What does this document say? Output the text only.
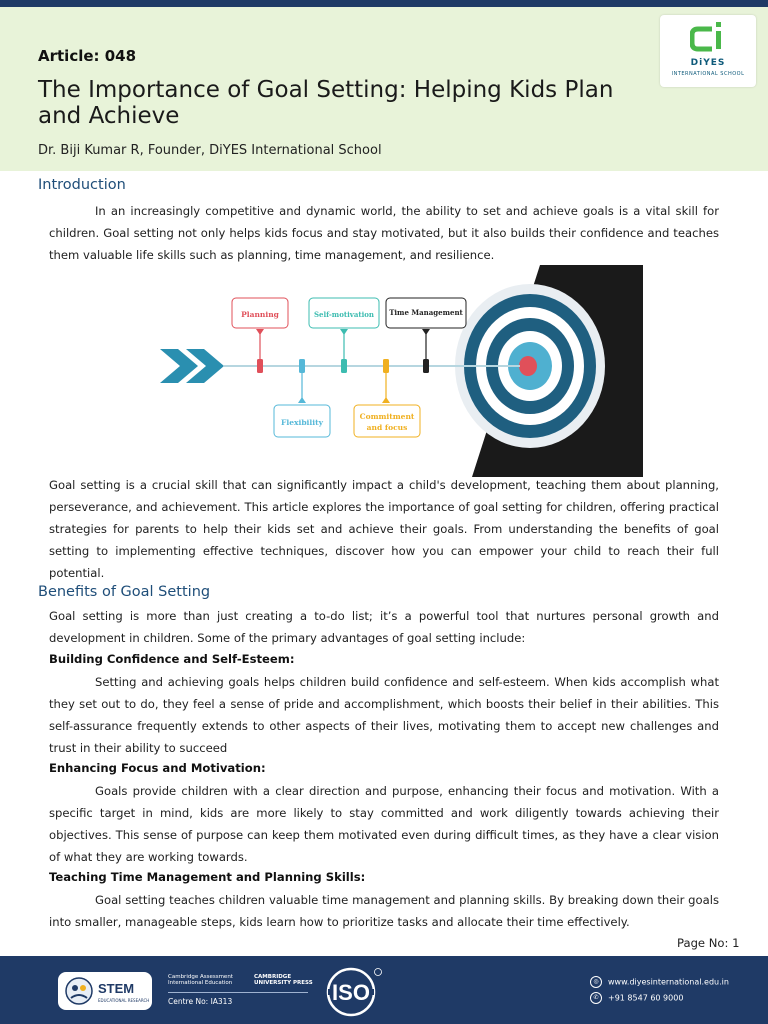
Article: 048
The Importance of Goal Setting: Helping Kids Plan and Achieve
Dr. Biji Kumar R, Founder, DiYES International School
DiYES
INTERNATIONAL SCHOOL
Introduction

In an increasingly competitive and dynamic world, the ability to set and achieve goals is a vital skill for children. Goal setting not only helps kids focus and stay motivated, but it also builds their confidence and teaches them valuable life skills such as planning, time management, and resilience.

Planning	Self-motivation Time Management
Flexibility
Commitment
and focus

Goal setting is a crucial skill that can significantly impact a child's development, teaching them about planning, perseverance, and achievement. This article explores the importance of goal setting for children, offering practical strategies for parents to help their kids set and achieve their goals. From understanding the benefits of goal setting to implementing effective techniques, discover how you can empower your child to reach their full potential.

Benefits of Goal Setting

Goal setting is more than just creating a to-do list; it’s a powerful tool that nurtures personal growth and development in children. Some of the primary advantages of goal setting include:

Building Confidence and Self-Esteem:

Setting and achieving goals helps children build confidence and self-esteem. When kids accomplish what they set out to do, they feel a sense of pride and accomplishment, which boosts their belief in their abilities. This self-assurance frequently extends to other aspects of their lives, motivating them to accept new challenges and trust in their ability to succeed

Enhancing Focus and Motivation:

Goals provide children with a clear direction and purpose, enhancing their focus and motivation. With a specific target in mind, kids are more likely to stay committed and work diligently towards achieving their objectives. This sense of purpose can keep them motivated even during difficult times, as they have a clear vision of what they are working towards.

Teaching Time Management and Planning Skills:

Goal setting teaches children valuable time management and planning skills. By breaking down their goals into smaller, manageable steps, kids learn how to prioritize tasks and allocate their time effectively.

Page No: 1
STEM
EDUCATIONAL RESEARCH
Cambridge Assessment International Education
CAMBRIDGE UNIVERSITY PRESS
Centre No: IA313	ISO	◎ www.diyesinternational.edu.in
✆ +91 8547 60 9000
